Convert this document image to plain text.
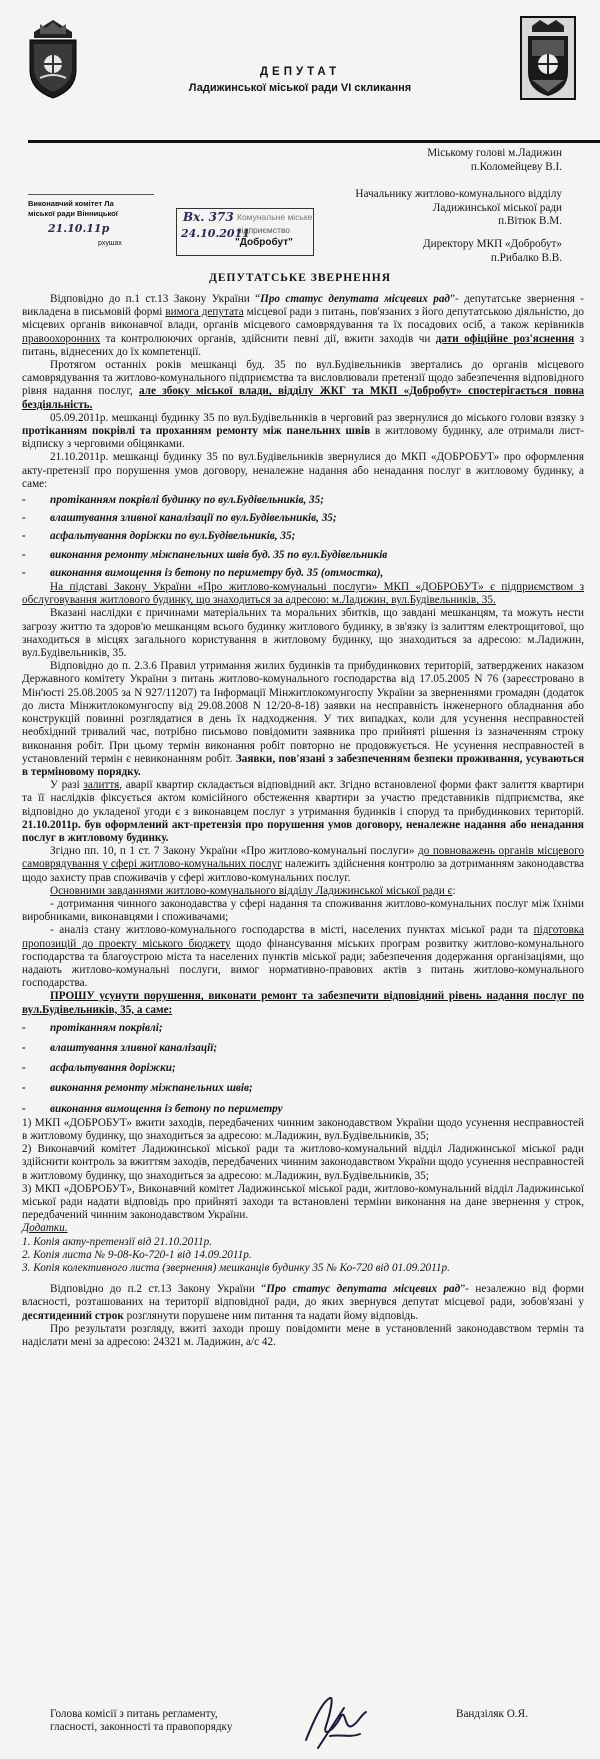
ДЕПУТАТ
Ладижинської міської ради VI скликання
Міському голові м.Ладижин
п.Коломейцеву В.І.
Начальнику житлово-комунального відділу
Ладижинської міської ради
п.Вітюк В.М.
Директору МКП «Добробут»
п.Рибалко В.В.
Виконавчий комітет Ла
міської ради Вінницької
21.10.11р
рхушах
Комунальне міське
підприємство
"Добробут"
Вх. 373
24.10.2011
ДЕПУТАТСЬКЕ ЗВЕРНЕННЯ

Відповідно до п.1 ст.13 Закону України “Про статус депутата місцевих рад”- депутатське звернення - викладена в письмовій формі вимога депутата місцевої ради з питань, пов'язаних з його депутатською діяльністю, до місцевих органів виконавчої влади, органів місцевого самоврядування та їх посадових осіб, а також керівників правоохоронних та контролюючих органів, здійснити певні дії, вжити заходів чи дати офіційне роз'яснення з питань, віднесених до їх компетенції.

Протягом останніх років мешканці буд. 35 по вул.Будівельників звертались до органів місцевого самоврядування та житлово-комунального підприємства та висловлювали претензії щодо забезпечення відповідного рівня надання послуг, але збоку міської влади, відділу ЖКГ та МКП «Добробут» спостерігається повна бездіяльність.

05.09.2011р. мешканці будинку 35 по вул.Будівельників в черговий раз звернулися до міського голови взязку з протіканням покрівлі та проханням ремонту між панельних швів в житловому будинку, але отримали лист-відписку з черговими обіцянками.

21.10.2011р. мешканці будинку 35 по вул.Будівельників звернулися до МКП «ДОБРОБУТ» про оформлення акту-претензії про порушення умов договору, неналежне надання або ненадання послуг в житловому будинку, а саме:

-	протіканням покрівлі будинку по вул.Будівельників, 35;
-	влаштування зливної каналізації по вул.Будівельників, 35;
-	асфальтування доріжки по вул.Будівельників, 35;
-	виконання ремонту міжпанельних швів буд. 35 по вул.Будівельників
-	виконання вимощення із бетону по периметру буд. 35 (отмостка),

На підставі Закону України «Про житлово-комунальні послуги» МКП «ДОБРОБУТ» є підприємством з обслуговування житлового будинку, що знаходиться за адресою: м.Ладижин, вул.Будівельників, 35.

Вказані наслідки є причинами матеріальних та моральних збитків, що завдані мешканцям, та можуть нести загрозу життю та здоров'ю мешканцям всього будинку житлового будинку, в зв'язку із залиттям електрощитової, що знаходиться в місцях загального користування в житловому будинку, що знаходиться за адресою: м.Ладижин, вул.Будівельників, 35.

Відповідно до п. 2.3.6 Правил утримання жилих будинків та прибудинкових територій, затверджених наказом Державного комітету України з питань житлово-комунального господарства від 17.05.2005 N 76 (зареєстровано в Мін'юсті 25.08.2005 за N 927/11207) та Інформації Мінжитлокомунгоспу України за зверненнями громадян (додаток до листа Мінжитлокомунгоспу від 29.08.2008 N 12/20-8-18) заявки на несправність інженерного обладнання або конструкцій повинні розглядатися в день їх надходження. У тих випадках, коли для усунення несправностей необхідний тривалий час, потрібно письмово повідомити заявника про прийняті рішення із зазначенням строку виконання робіт. При цьому термін виконання робіт повторно не продовжується. Не усунення несправностей в установлений термін є невиконанням робіт. Заявки, пов'язані з забезпеченням безпеки проживання, усуваються в терміновому порядку.

У разі залиття, аварії квартир складається відповідний акт. Згідно встановленої форми факт залиття квартири та її наслідків фіксується актом комісійного обстеження квартири за участю представників підприємства, яке відповідно до укладеної угоди є з виконавцем послуг з утримання будинків і споруд та прибудинкових територій. 21.10.2011р. був оформлений акт-претензія про порушення умов договору, неналежне надання або ненадання послуг в житловому будинку.

Згідно пп. 10, п 1 ст. 7 Закону України «Про житлово-комунальні послуги» до повноважень органів місцевого самоврядування у сфері житлово-комунальних послуг належить здійснення контролю за дотриманням законодавства щодо захисту прав споживачів у сфері житлово-комунальних послуг.

Основними завданнями житлово-комунального відділу Ладижинської міської ради є:

- дотримання чинного законодавства у сфері надання та споживання житлово-комунальних послуг між їхніми виробниками, виконавцями і споживачами;

- аналіз стану житлово-комунального господарства в місті, населених пунктах міської ради та підготовка пропозицій до проекту міського бюджету щодо фінансування міських програм розвитку житлово-комунального господарства та благоустрою міста та населених пунктів міської ради; забезпечення додержання організаціями, що надають житлово-комунальні послуги, вимог нормативно-правових актів з питань житлово-комунального господарства.

ПРОШУ усунути порушення, виконати ремонт та забезпечити відповідний рівень надання послуг по вул.Будівельників, 35, а саме:

-	протіканням покрівлі;
-	влаштування зливної каналізації;
-	асфальтування доріжки;
-	виконання ремонту міжпанельних швів;
-	виконання вимощення із бетону по периметру

1) МКП «ДОБРОБУТ» вжити заходів, передбачених чинним законодавством України щодо усунення несправностей в житловому будинку, що знаходиться за адресою: м.Ладижин, вул.Будівельників, 35;

2) Виконавчий комітет Ладижинської міської ради та житлово-комунальний відділ Ладижинської міської ради здійснити контроль за вжиттям заходів, передбачених чинним законодавством України щодо усунення несправностей в житловому будинку, що знаходиться за адресою: м.Ладижин, вул.Будівельників, 35;

3) МКП «ДОБРОБУТ», Виконавчий комітет Ладижинської міської ради, житлово-комунальний відділ Ладижинської міської ради надати відповідь про прийняті заходи та встановлені терміни виконання на дане звернення у строк, передбачений чинним законодавством України.

Додатки.
1. Копія акту-претензії від 21.10.2011р.
2. Копія листа № 9-08-Ко-720-1 від 14.09.2011р.
3. Копія колективного листа (звернення) мешканців будинку 35 № Ко-720 від 01.09.2011р.

Відповідно до п.2 ст.13 Закону України “Про статус депутата місцевих рад”- незалежно від форми власності, розташованих на території відповідної ради, до яких звернувся депутат місцевої ради, зобов'язані у десятиденний строк розглянути порушене ним питання та надати йому відповідь.

Про результати розгляду, вжиті заходи прошу повідомити мене в установлений законодавством термін та надіслати мені за адресою: 24321 м. Ладижин, а/с 42.

Голова комісії з питань регламенту,
гласності, законності та правопорядку
Вандзіляк О.Я.
